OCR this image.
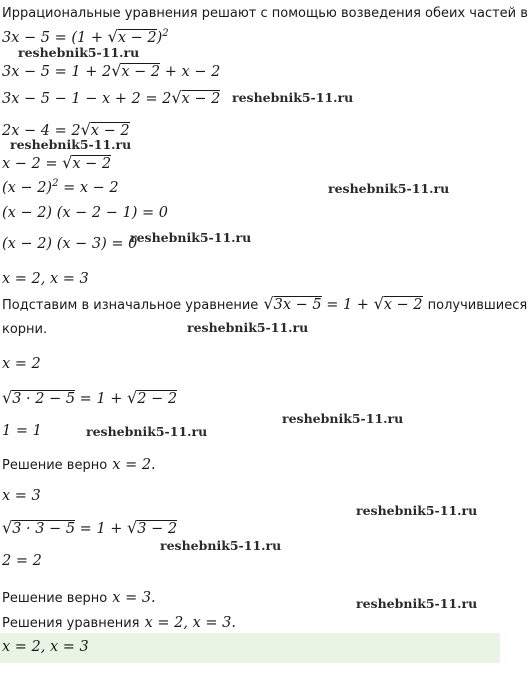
Иррациональные уравнения решают с помощью возведения обеих частей в
$3x - 5 = (1 + √x - 2)^2$
reshebnik5-11.ru
3x − 5 = 1 + 2√x − 2 + x − 2
3x − 5 − 1 − x + 2 = 2√x − 2 reshebnik5-11.ru
2x − 4 = 2√x − 2
reshebnik5-11.ru
x − 2 = √x − 2
$(x - 2)^2 = x - 2$	reshebnik5-11.ru
(x − 2) (x − 2 − 1) = 0
(x − 2) (x − 3) = 0
reshebnik5-11.ru
x = 2, x = 3
Подставим в изначальное уравнение √3x − 5 = 1 + √x − 2 получившиеся
корни.	reshebnik5-11.ru
x = 2
√3 · 2 − 5 = 1 + √2 − 2
1 = 1	reshebnik5-11.ru
reshebnik5-11.ru
Решение верно x = 2.
x = 3
reshebnik5-11.ru
√3 · 3 − 5 = 1 + √3 − 2
reshebnik5-11.ru
2 = 2
Решение верно x = 3.	reshebnik5-11.ru
Решения уравнения x = 2, x = 3.
x = 2, x = 3
